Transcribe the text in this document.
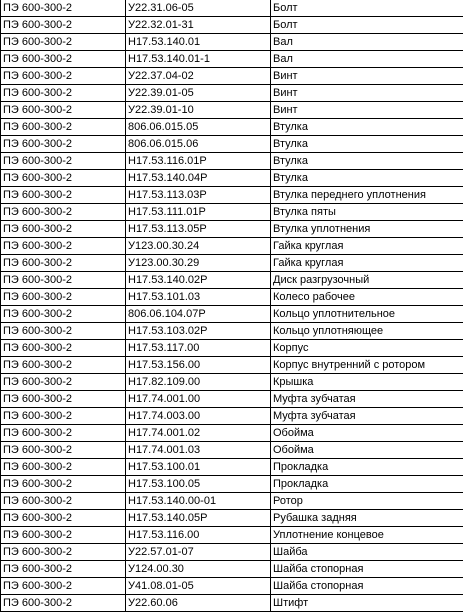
ПЭ 600-300-2	У22.31.06-05	Болт
ПЭ 600-300-2	У22.32.01-31	Болт
ПЭ 600-300-2	Н17.53.140.01	Вал
ПЭ 600-300-2	Н17.53.140.01-1	Вал
ПЭ 600-300-2	У22.37.04-02	Винт
ПЭ 600-300-2	У22.39.01-05	Винт
ПЭ 600-300-2	У22.39.01-10	Винт
ПЭ 600-300-2	806.06.015.05	Втулка
ПЭ 600-300-2	806.06.015.06	Втулка
ПЭ 600-300-2	Н17.53.116.01Р	Втулка
ПЭ 600-300-2	Н17.53.140.04Р	Втулка
ПЭ 600-300-2	Н17.53.113.03Р	Втулка переднего уплотнения
ПЭ 600-300-2	Н17.53.111.01Р	Втулка пяты
ПЭ 600-300-2	Н17.53.113.05Р	Втулка уплотнения
ПЭ 600-300-2	У123.00.30.24	Гайка круглая
ПЭ 600-300-2	У123.00.30.29	Гайка круглая
ПЭ 600-300-2	Н17.53.140.02Р	Диск разгрузочный
ПЭ 600-300-2	Н17.53.101.03	Колесо рабочее
ПЭ 600-300-2	806.06.104.07Р	Кольцо уплотнительное
ПЭ 600-300-2	Н17.53.103.02Р	Кольцо уплотняющее
ПЭ 600-300-2	Н17.53.117.00	Корпус
ПЭ 600-300-2	Н17.53.156.00	Корпус внутренний с ротором
ПЭ 600-300-2	Н17.82.109.00	Крышка
ПЭ 600-300-2	Н17.74.001.00	Муфта зубчатая
ПЭ 600-300-2	Н17.74.003.00	Муфта зубчатая
ПЭ 600-300-2	Н17.74.001.02	Обойма
ПЭ 600-300-2	Н17.74.001.03	Обойма
ПЭ 600-300-2	Н17.53.100.01	Прокладка
ПЭ 600-300-2	Н17.53.100.05	Прокладка
ПЭ 600-300-2	Н17.53.140.00-01	Ротор
ПЭ 600-300-2	Н17.53.140.05Р	Рубашка задняя
ПЭ 600-300-2	Н17.53.116.00	Уплотнение концевое
ПЭ 600-300-2	У22.57.01-07	Шайба
ПЭ 600-300-2	У124.00.30	Шайба стопорная
ПЭ 600-300-2	У41.08.01-05	Шайба стопорная
ПЭ 600-300-2	У22.60.06	Штифт
